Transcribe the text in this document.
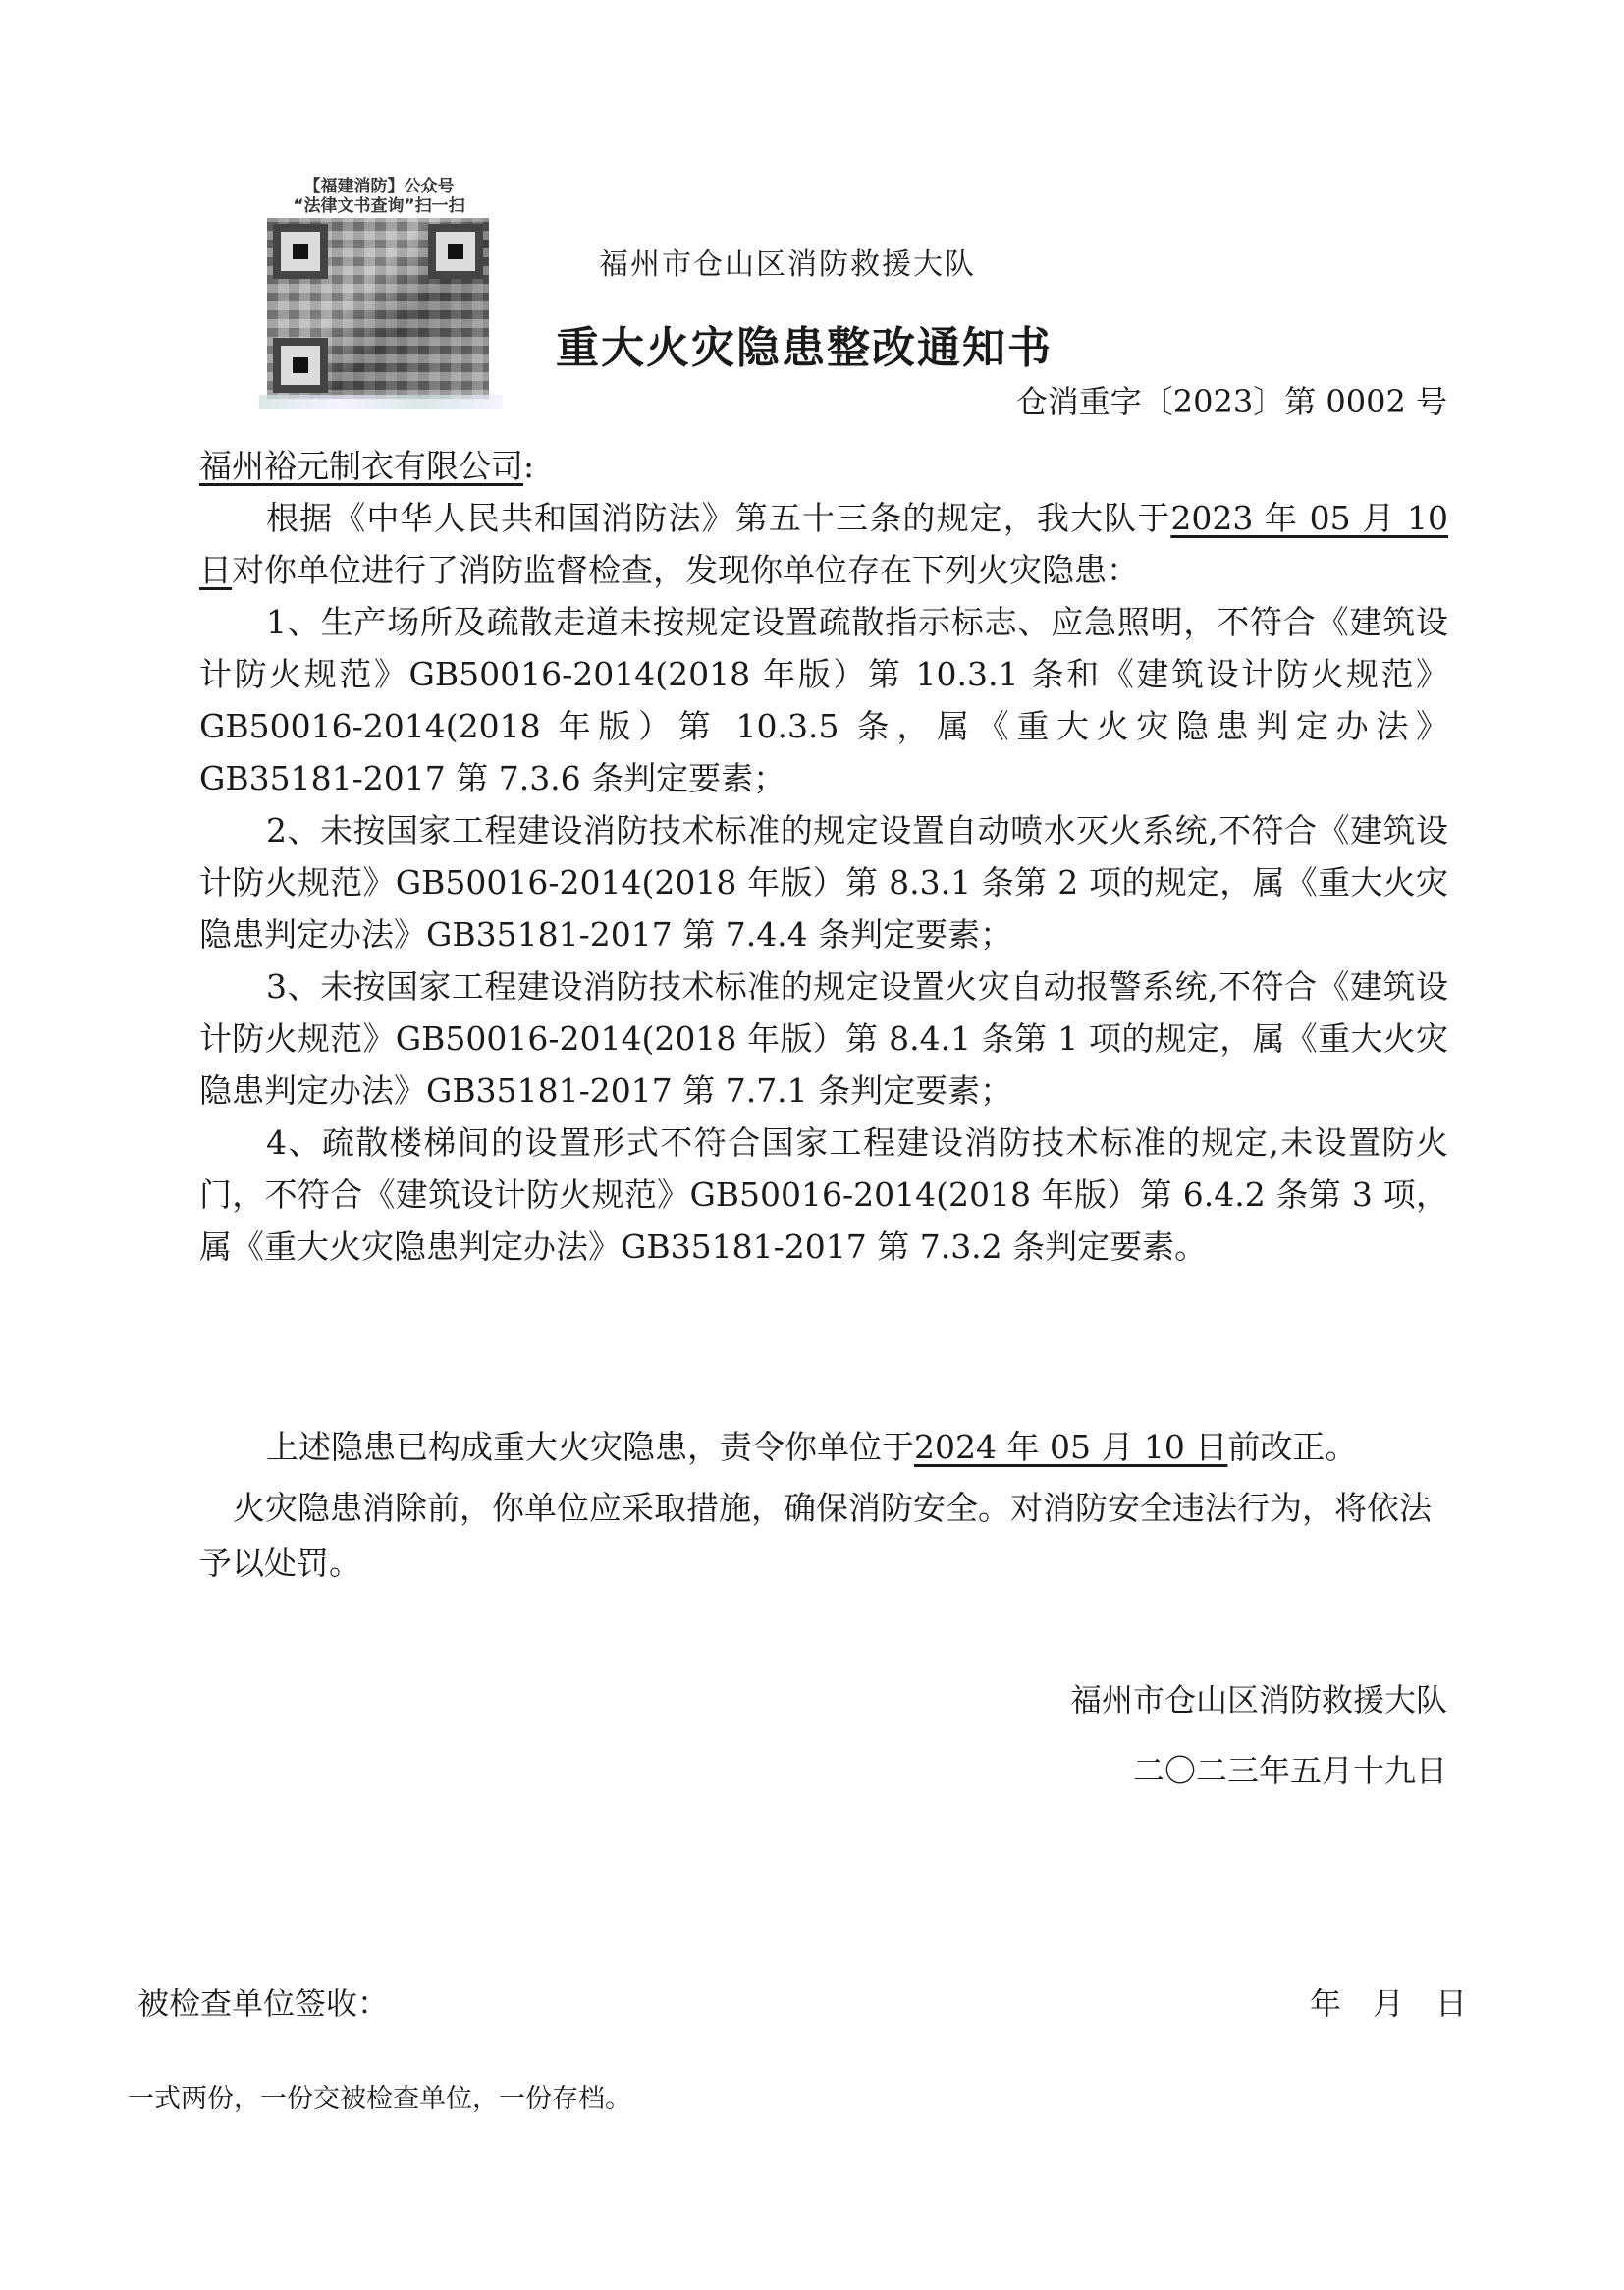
【福建消防】公众号
“法律文书查询”扫一扫
福州市仓山区消防救援大队
重大火灾隐患整改通知书
仓消重字〔2023〕第 0002 号

福州裕元制衣有限公司:

根据《中华人民共和国消防法》第五十三条的规定，我大队于2023 年 05 月 10 日对你单位进行了消防监督检查，发现你单位存在下列火灾隐患：

1、生产场所及疏散走道未按规定设置疏散指示标志、应急照明，不符合《建筑设计防火规范》GB50016-2014(2018 年版）第 10.3.1 条和《建筑设计防火规范》GB50016-2014(2018 年版）第 10.3.5 条，属《重大火灾隐患判定办法》GB35181-2017 第 7.3.6 条判定要素；

2、未按国家工程建设消防技术标准的规定设置自动喷水灭火系统,不符合《建筑设计防火规范》GB50016-2014(2018 年版）第 8.3.1 条第 2 项的规定，属《重大火灾隐患判定办法》GB35181-2017 第 7.4.4 条判定要素；

3、未按国家工程建设消防技术标准的规定设置火灾自动报警系统,不符合《建筑设计防火规范》GB50016-2014(2018 年版）第 8.4.1 条第 1 项的规定，属《重大火灾隐患判定办法》GB35181-2017 第 7.7.1 条判定要素；

4、疏散楼梯间的设置形式不符合国家工程建设消防技术标准的规定,未设置防火门，不符合《建筑设计防火规范》GB50016-2014(2018 年版）第 6.4.2 条第 3 项，属《重大火灾隐患判定办法》GB35181-2017 第 7.3.2 条判定要素。

上述隐患已构成重大火灾隐患，责令你单位于2024 年 05 月 10 日前改正。

火灾隐患消除前，你单位应采取措施，确保消防安全。对消防安全违法行为，将依法予以处罚。

福州市仓山区消防救援大队
二〇二三年五月十九日
被检查单位签收：	年　月　日
一式两份，一份交被检查单位，一份存档。
